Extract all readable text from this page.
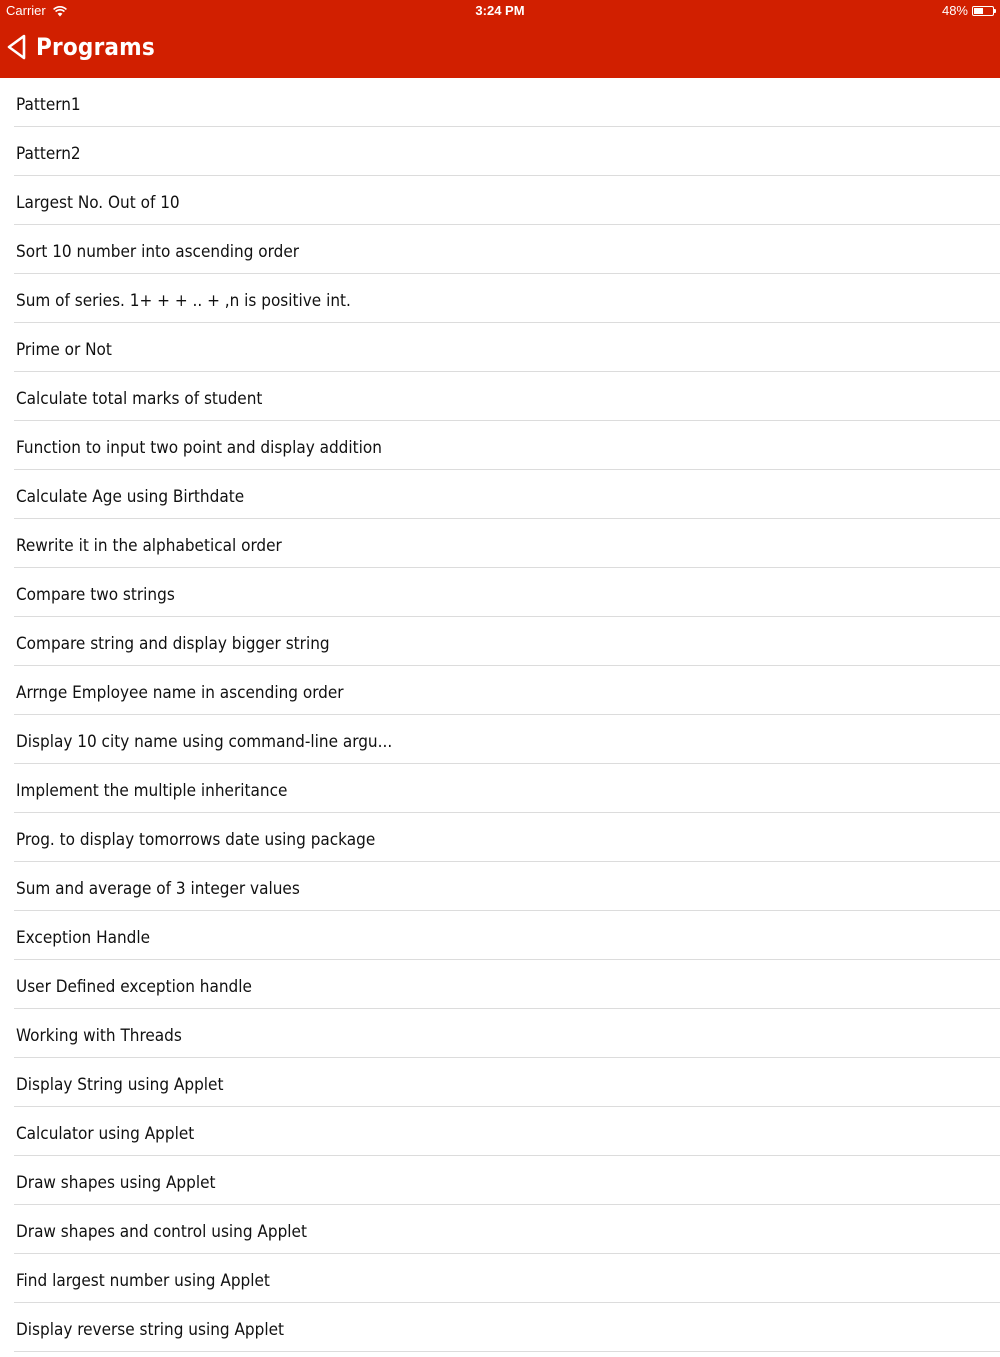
Carrier	3:24 PM	48%
Programs
Pattern1
Pattern2
Largest No. Out of 10
Sort 10 number into ascending order
Sum of series. 1+ + + .. + ,n is positive int.
Prime or Not
Calculate total marks of student
Function to input two point and display addition
Calculate Age using Birthdate
Rewrite it in the alphabetical order
Compare two strings
Compare string and display bigger string
Arrnge Employee name in ascending order
Display 10 city name using command-line argu...
Implement the multiple inheritance
Prog. to display tomorrows date using package
Sum and average of 3 integer values
Exception Handle
User Defined exception handle
Working with Threads
Display String using Applet
Calculator using Applet
Draw shapes using Applet
Draw shapes and control using Applet
Find largest number using Applet
Display reverse string using Applet
